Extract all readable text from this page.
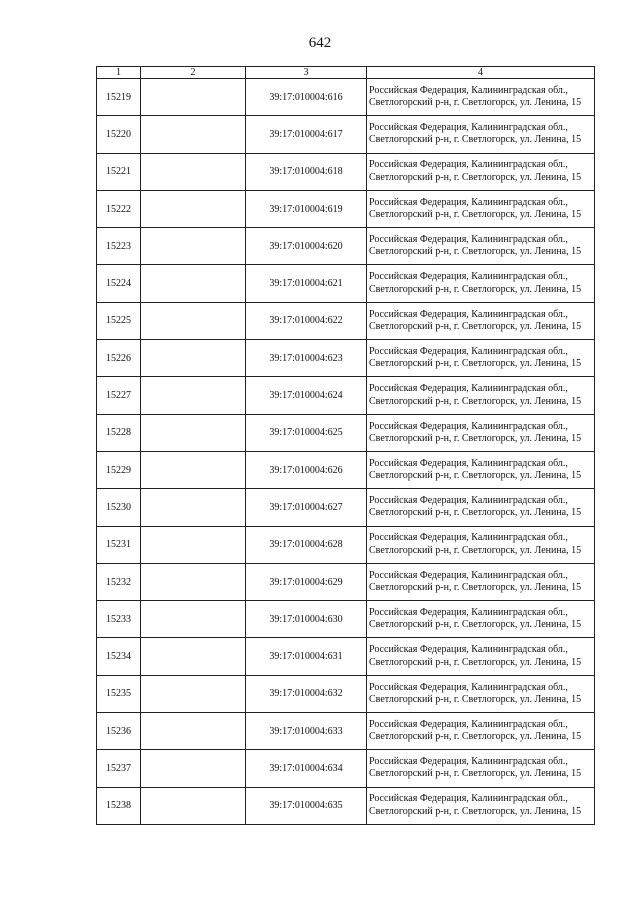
642
1	2	3	4
15219		39:17:010004:616	Российская Федерация, Калининградская обл., Светлогорский р-н, г. Светлогорск, ул. Ленина, 15
15220		39:17:010004:617	Российская Федерация, Калининградская обл., Светлогорский р-н, г. Светлогорск, ул. Ленина, 15
15221		39:17:010004:618	Российская Федерация, Калининградская обл., Светлогорский р-н, г. Светлогорск, ул. Ленина, 15
15222		39:17:010004:619	Российская Федерация, Калининградская обл., Светлогорский р-н, г. Светлогорск, ул. Ленина, 15
15223		39:17:010004:620	Российская Федерация, Калининградская обл., Светлогорский р-н, г. Светлогорск, ул. Ленина, 15
15224		39:17:010004:621	Российская Федерация, Калининградская обл., Светлогорский р-н, г. Светлогорск, ул. Ленина, 15
15225		39:17:010004:622	Российская Федерация, Калининградская обл., Светлогорский р-н, г. Светлогорск, ул. Ленина, 15
15226		39:17:010004:623	Российская Федерация, Калининградская обл., Светлогорский р-н, г. Светлогорск, ул. Ленина, 15
15227		39:17:010004:624	Российская Федерация, Калининградская обл., Светлогорский р-н, г. Светлогорск, ул. Ленина, 15
15228		39:17:010004:625	Российская Федерация, Калининградская обл., Светлогорский р-н, г. Светлогорск, ул. Ленина, 15
15229		39:17:010004:626	Российская Федерация, Калининградская обл., Светлогорский р-н, г. Светлогорск, ул. Ленина, 15
15230		39:17:010004:627	Российская Федерация, Калининградская обл., Светлогорский р-н, г. Светлогорск, ул. Ленина, 15
15231		39:17:010004:628	Российская Федерация, Калининградская обл., Светлогорский р-н, г. Светлогорск, ул. Ленина, 15
15232		39:17:010004:629	Российская Федерация, Калининградская обл., Светлогорский р-н, г. Светлогорск, ул. Ленина, 15
15233		39:17:010004:630	Российская Федерация, Калининградская обл., Светлогорский р-н, г. Светлогорск, ул. Ленина, 15
15234		39:17:010004:631	Российская Федерация, Калининградская обл., Светлогорский р-н, г. Светлогорск, ул. Ленина, 15
15235		39:17:010004:632	Российская Федерация, Калининградская обл., Светлогорский р-н, г. Светлогорск, ул. Ленина, 15
15236		39:17:010004:633	Российская Федерация, Калининградская обл., Светлогорский р-н, г. Светлогорск, ул. Ленина, 15
15237		39:17:010004:634	Российская Федерация, Калининградская обл., Светлогорский р-н, г. Светлогорск, ул. Ленина, 15
15238		39:17:010004:635	Российская Федерация, Калининградская обл., Светлогорский р-н, г. Светлогорск, ул. Ленина, 15
